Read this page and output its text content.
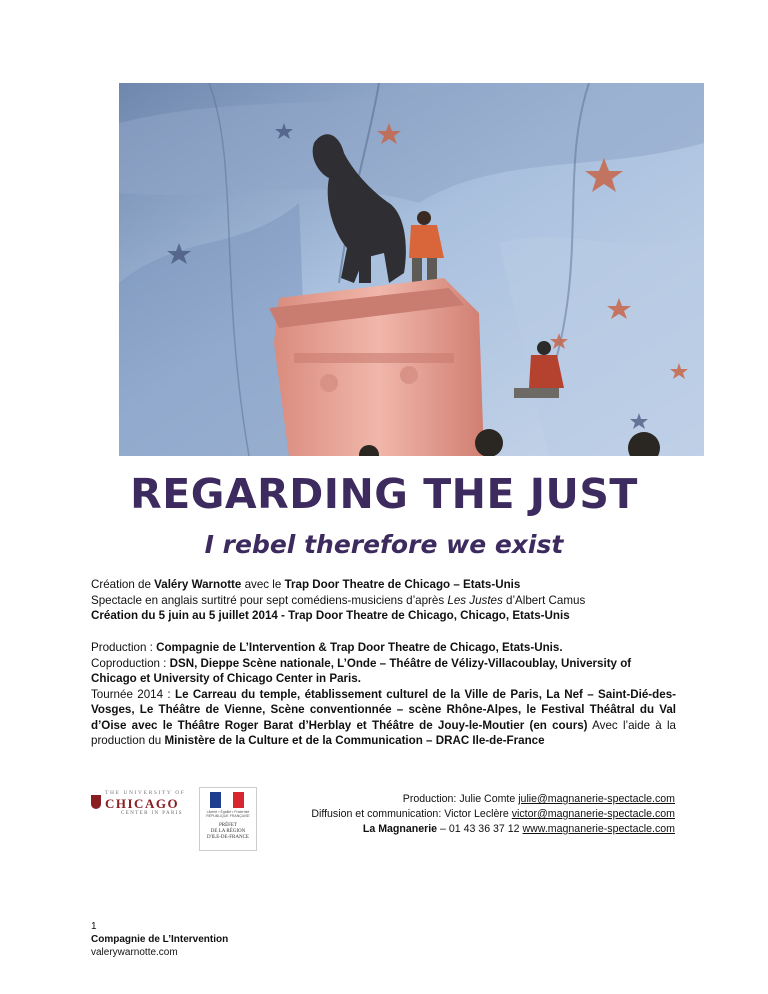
REGARDING THE JUST
I rebel therefore we exist

Création de Valéry Warnotte avec le Trap Door Theatre de Chicago – Etats-Unis

Spectacle en anglais surtitré pour sept comédiens-musiciens d’après Les Justes d’Albert Camus

Création du 5 juin au 5 juillet 2014 - Trap Door Theatre de Chicago, Chicago, Etats-Unis

Production : Compagnie de L’Intervention & Trap Door Theatre de Chicago, Etats-Unis.

Coproduction : DSN, Dieppe Scène nationale, L’Onde – Théâtre de Vélizy-Villacoublay, University of Chicago et University of Chicago Center in Paris.

Tournée 2014 : Le Carreau du temple, établissement culturel de la Ville de Paris, La Nef – Saint-Dié-des-Vosges, Le Théâtre de Vienne, Scène conventionnée – scène Rhône-Alpes, le Festival Théâtral du Val d’Oise avec le Théâtre Roger Barat d’Herblay et Théâtre de Jouy-le-Moutier (en cours) Avec l’aide à la production du Ministère de la Culture et de la Communication – DRAC Ile-de-France

THE UNIVERSITY OF
CHICAGO
CENTER IN PARIS	Liberté • Égalité • Fraternité RÉPUBLIQUE FRANÇAISE
PRÉFET
DE LA RÉGION
D'ILE-DE-FRANCE

Production: Julie Comte julie@magnanerie-spectacle.com

Diffusion et communication: Victor Leclère victor@magnanerie-spectacle.com

La Magnanerie – 01 43 36 37 12 www.magnanerie-spectacle.com

1

Compagnie de L’Intervention

valerywarnotte.com
